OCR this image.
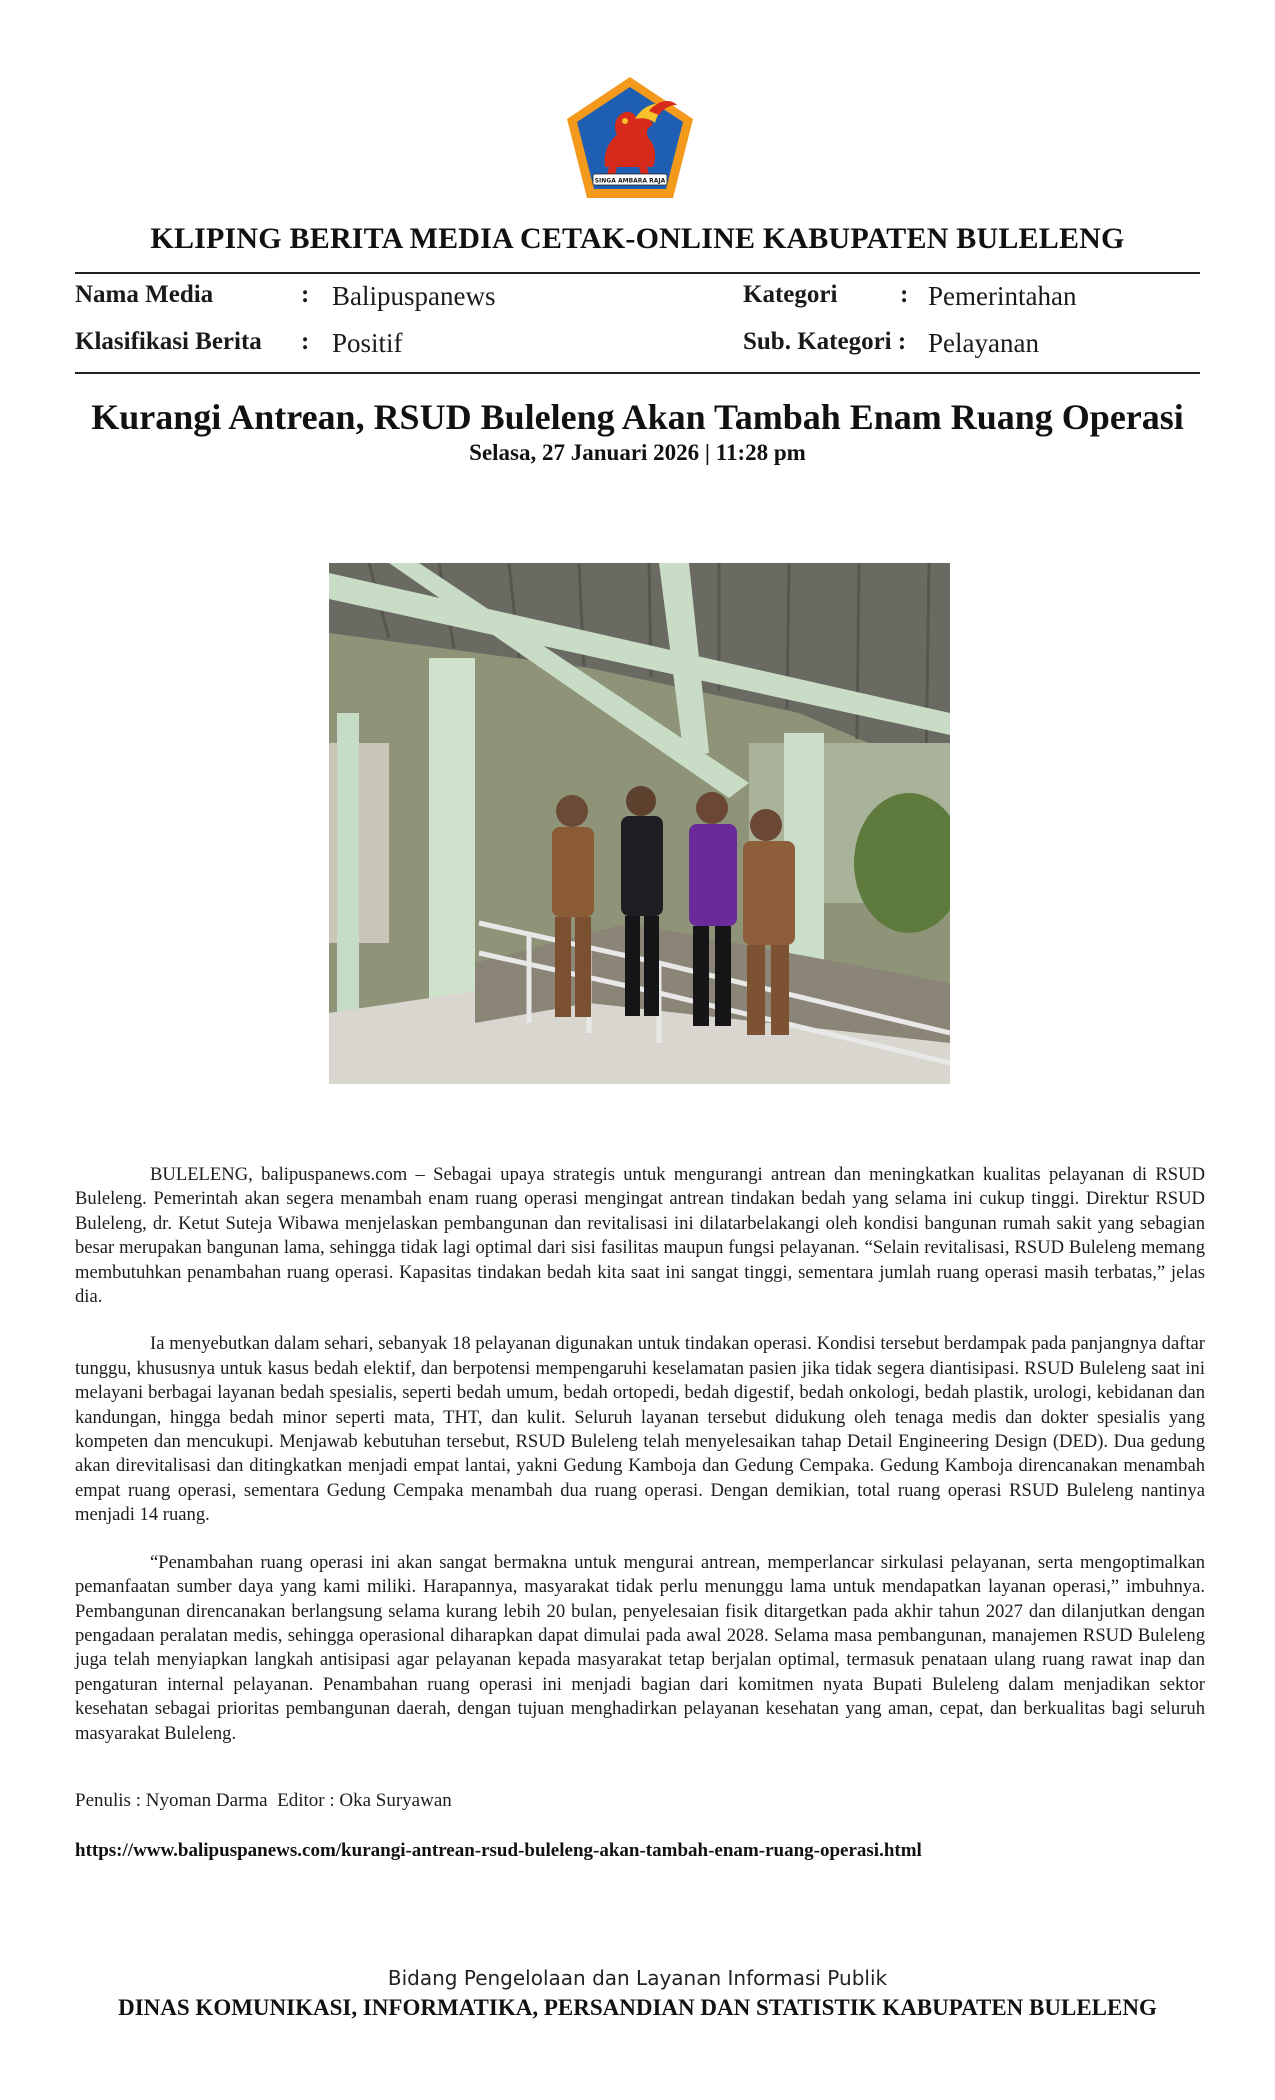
SINGA AMBARA RAJA
KLIPING BERITA MEDIA CETAK-ONLINE KABUPATEN BULELENG
Nama Media	: Balipuspanews
Klasifikasi Berita : Positif
Kategori	: Pemerintahan
Sub. Kategori : Pelayanan
Kurangi Antrean, RSUD Buleleng Akan Tambah Enam Ruang Operasi
Selasa, 27 Januari 2026 | 11:28 pm

BULELENG, balipuspanews.com – Sebagai upaya strategis untuk mengurangi antrean dan meningkatkan kualitas pelayanan di RSUD Buleleng. Pemerintah akan segera menambah enam ruang operasi mengingat antrean tindakan bedah yang selama ini cukup tinggi. Direktur RSUD Buleleng, dr. Ketut Suteja Wibawa menjelaskan pembangunan dan revitalisasi ini dilatarbelakangi oleh kondisi bangunan rumah sakit yang sebagian besar merupakan bangunan lama, sehingga tidak lagi optimal dari sisi fasilitas maupun fungsi pelayanan. “Selain revitalisasi, RSUD Buleleng memang membutuhkan penambahan ruang operasi. Kapasitas tindakan bedah kita saat ini sangat tinggi, sementara jumlah ruang operasi masih terbatas,” jelas dia.

Ia menyebutkan dalam sehari, sebanyak 18 pelayanan digunakan untuk tindakan operasi. Kondisi tersebut berdampak pada panjangnya daftar tunggu, khususnya untuk kasus bedah elektif, dan berpotensi mempengaruhi keselamatan pasien jika tidak segera diantisipasi. RSUD Buleleng saat ini melayani berbagai layanan bedah spesialis, seperti bedah umum, bedah ortopedi, bedah digestif, bedah onkologi, bedah plastik, urologi, kebidanan dan kandungan, hingga bedah minor seperti mata, THT, dan kulit. Seluruh layanan tersebut didukung oleh tenaga medis dan dokter spesialis yang kompeten dan mencukupi. Menjawab kebutuhan tersebut, RSUD Buleleng telah menyelesaikan tahap Detail Engineering Design (DED). Dua gedung akan direvitalisasi dan ditingkatkan menjadi empat lantai, yakni Gedung Kamboja dan Gedung Cempaka. Gedung Kamboja direncanakan menambah empat ruang operasi, sementara Gedung Cempaka menambah dua ruang operasi. Dengan demikian, total ruang operasi RSUD Buleleng nantinya menjadi 14 ruang.

“Penambahan ruang operasi ini akan sangat bermakna untuk mengurai antrean, memperlancar sirkulasi pelayanan, serta mengoptimalkan pemanfaatan sumber daya yang kami miliki. Harapannya, masyarakat tidak perlu menunggu lama untuk mendapatkan layanan operasi,” imbuhnya. Pembangunan direncanakan berlangsung selama kurang lebih 20 bulan, penyelesaian fisik ditargetkan pada akhir tahun 2027 dan dilanjutkan dengan pengadaan peralatan medis, sehingga operasional diharapkan dapat dimulai pada awal 2028. Selama masa pembangunan, manajemen RSUD Buleleng juga telah menyiapkan langkah antisipasi agar pelayanan kepada masyarakat tetap berjalan optimal, termasuk penataan ulang ruang rawat inap dan pengaturan internal pelayanan. Penambahan ruang operasi ini menjadi bagian dari komitmen nyata Bupati Buleleng dalam menjadikan sektor kesehatan sebagai prioritas pembangunan daerah, dengan tujuan menghadirkan pelayanan kesehatan yang aman, cepat, dan berkualitas bagi seluruh masyarakat Buleleng.

Penulis : Nyoman Darma  Editor : Oka Suryawan
https://www.balipuspanews.com/kurangi-antrean-rsud-buleleng-akan-tambah-enam-ruang-operasi.html
Bidang Pengelolaan dan Layanan Informasi Publik
DINAS KOMUNIKASI, INFORMATIKA, PERSANDIAN DAN STATISTIK KABUPATEN BULELENG
